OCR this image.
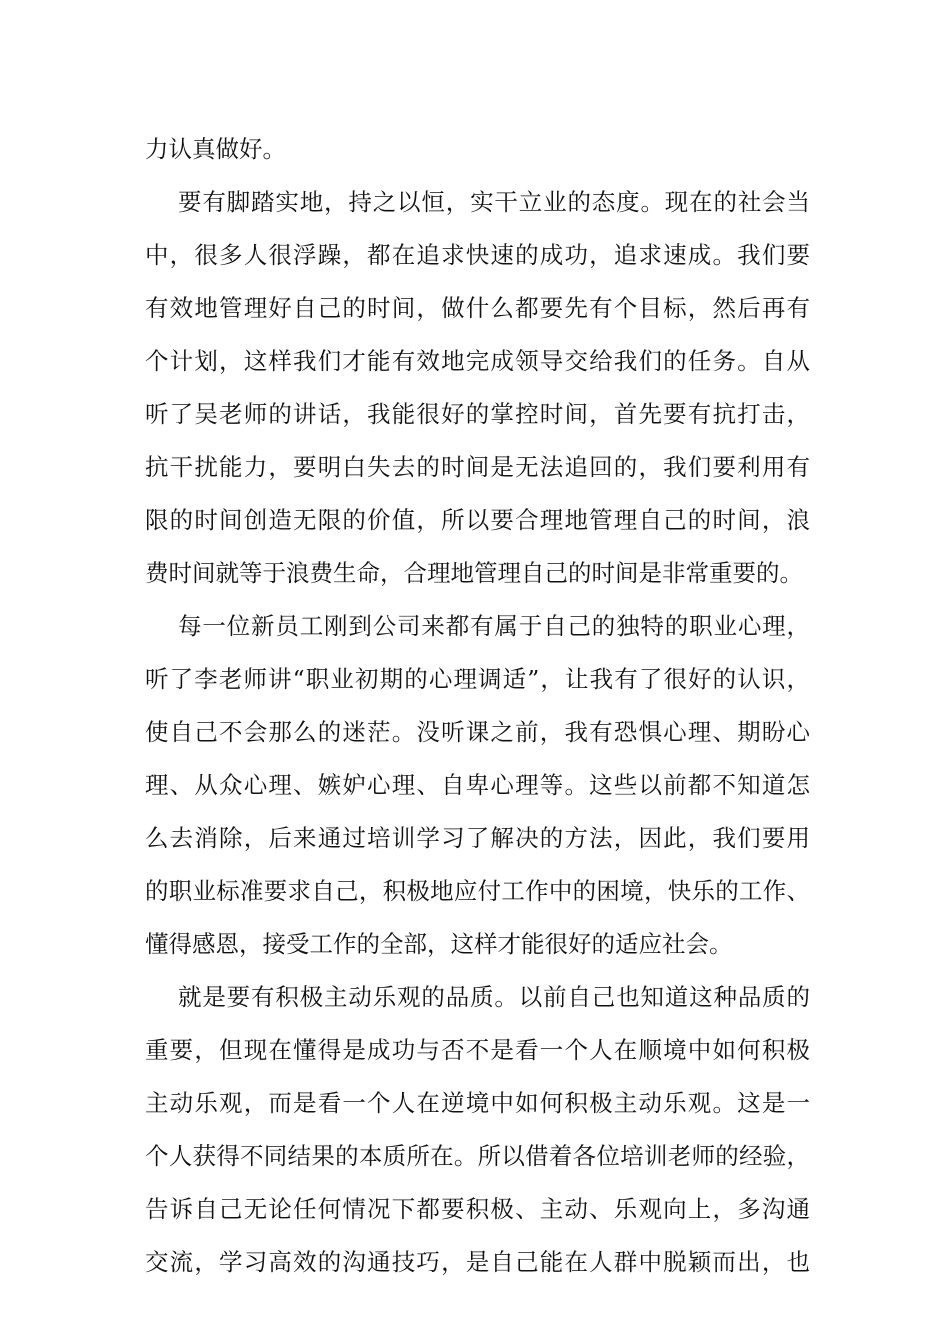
力认真做好。
要有脚踏实地，持之以恒，实干立业的态度。现在的社会当
中，很多人很浮躁，都在追求快速的成功，追求速成。我们要
有效地管理好自己的时间，做什么都要先有个目标，然后再有
个计划，这样我们才能有效地完成领导交给我们的任务。自从
听了吴老师的讲话，我能很好的掌控时间，首先要有抗打击，
抗干扰能力，要明白失去的时间是无法追回的，我们要利用有
限的时间创造无限的价值，所以要合理地管理自己的时间，浪
费时间就等于浪费生命，合理地管理自己的时间是非常重要的。
每一位新员工刚到公司来都有属于自己的独特的职业心理，
听了李老师讲“职业初期的心理调适”，让我有了很好的认识，
使自己不会那么的迷茫。没听课之前，我有恐惧心理、期盼心
理、从众心理、嫉妒心理、自卑心理等。这些以前都不知道怎
么去消除，后来通过培训学习了解决的方法，因此，我们要用
的职业标准要求自己，积极地应付工作中的困境，快乐的工作、
懂得感恩，接受工作的全部，这样才能很好的适应社会。
就是要有积极主动乐观的品质。以前自己也知道这种品质的
重要，但现在懂得是成功与否不是看一个人在顺境中如何积极
主动乐观，而是看一个人在逆境中如何积极主动乐观。这是一
个人获得不同结果的本质所在。所以借着各位培训老师的经验，
告诉自己无论任何情况下都要积极、主动、乐观向上，多沟通
交流，学习高效的沟通技巧，是自己能在人群中脱颖而出，也
